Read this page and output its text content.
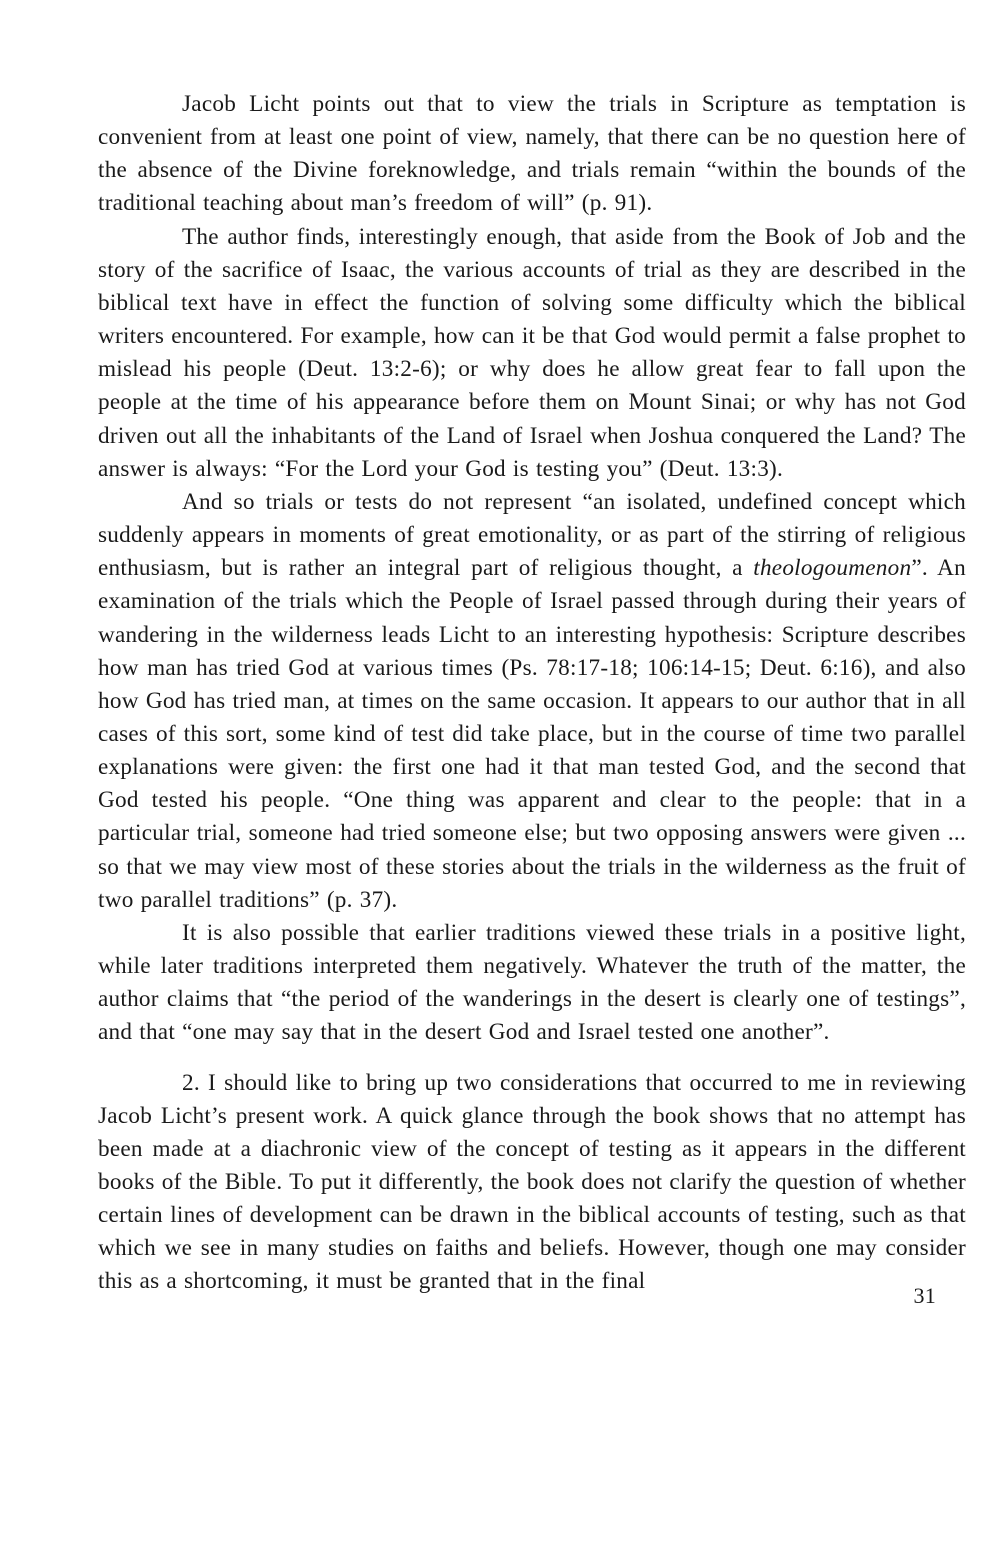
Jacob Licht points out that to view the trials in Scripture as temptation is convenient from at least one point of view, namely, that there can be no question here of the absence of the Divine foreknowledge, and trials remain “within the bounds of the traditional teaching about man’s freedom of will” (p. 91).

The author finds, interestingly enough, that aside from the Book of Job and the story of the sacrifice of Isaac, the various accounts of trial as they are described in the biblical text have in effect the function of solving some difficulty which the biblical writers encountered. For example, how can it be that God would permit a false prophet to mislead his people (Deut. 13:2-6); or why does he allow great fear to fall upon the people at the time of his appearance before them on Mount Sinai; or why has not God driven out all the inhabitants of the Land of Israel when Joshua conquered the Land? The answer is always: “For the Lord your God is testing you” (Deut. 13:3).

And so trials or tests do not represent “an isolated, undefined concept which suddenly appears in moments of great emotionality, or as part of the stirring of religious enthusiasm, but is rather an integral part of religious thought, a theologoumenon”. An examination of the trials which the People of Israel passed through during their years of wandering in the wilderness leads Licht to an interesting hypothesis: Scripture describes how man has tried God at various times (Ps. 78:17-18; 106:14-15; Deut. 6:16), and also how God has tried man, at times on the same occasion. It appears to our author that in all cases of this sort, some kind of test did take place, but in the course of time two parallel explanations were given: the first one had it that man tested God, and the second that God tested his people. “One thing was apparent and clear to the people: that in a particular trial, someone had tried someone else; but two opposing answers were given ... so that we may view most of these stories about the trials in the wilderness as the fruit of two parallel traditions” (p. 37).

It is also possible that earlier traditions viewed these trials in a positive light, while later traditions interpreted them negatively. Whatever the truth of the matter, the author claims that “the period of the wanderings in the desert is clearly one of testings”, and that “one may say that in the desert God and Israel tested one another”.

2. I should like to bring up two considerations that occurred to me in reviewing Jacob Licht’s present work. A quick glance through the book shows that no attempt has been made at a diachronic view of the concept of testing as it appears in the different books of the Bible. To put it differently, the book does not clarify the question of whether certain lines of development can be drawn in the biblical accounts of testing, such as that which we see in many studies on faiths and beliefs. However, though one may consider this as a shortcoming, it must be granted that in the final

31
